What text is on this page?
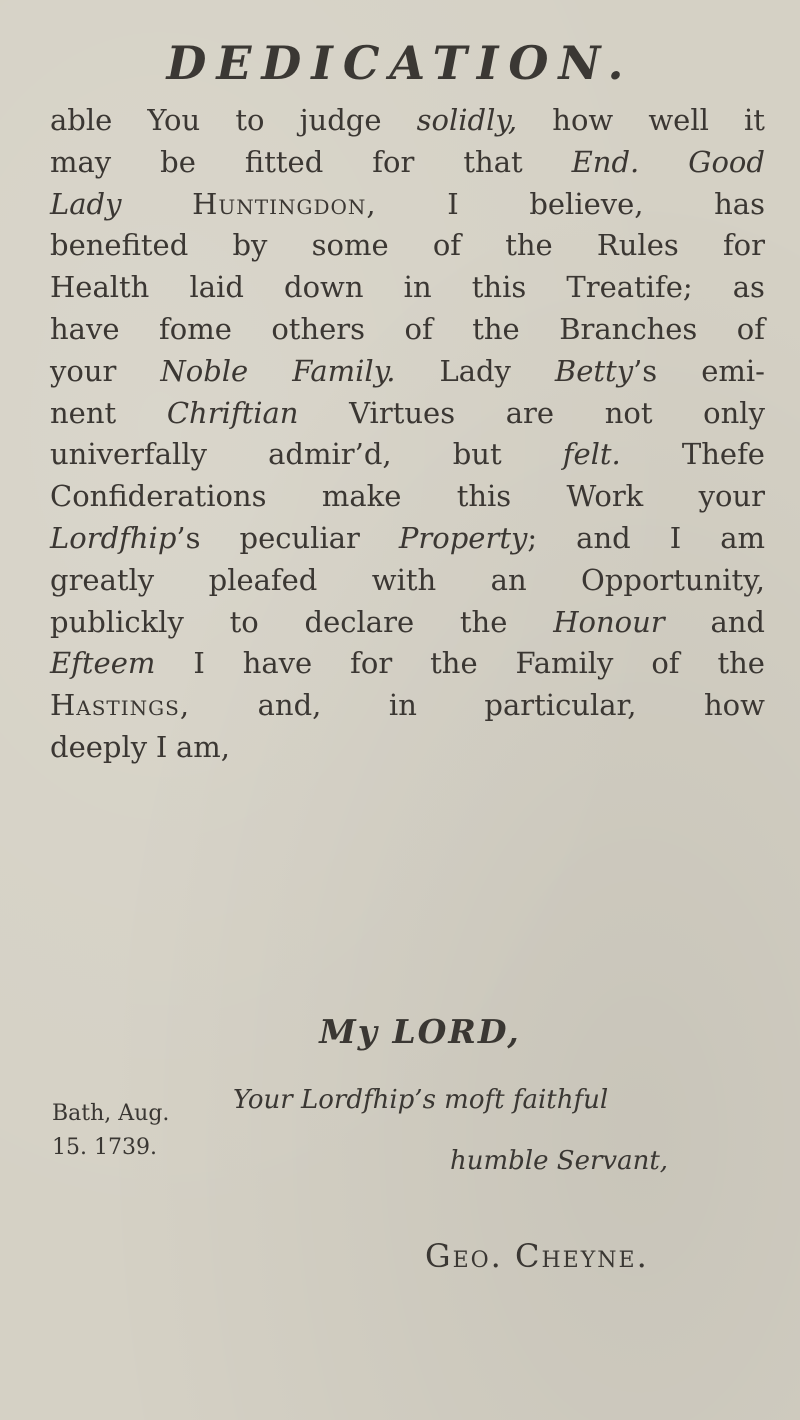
DEDICATION.
able You to judge solidly, how well it
may be fitted for that End. Good
Lady Huntingdon, I believe, has
benefited by some of the Rules for
Health laid down in this Treatife; as
have fome others of the Branches of
your Noble Family. Lady Betty’s emi-
nent Chriftian Virtues are not only
univerfally admir’d, but felt. Thefe
Confiderations make this Work your
Lordfhip’s peculiar Property; and I am
greatly pleafed with an Opportunity,
publickly to declare the Honour and
Efteem I have for the Family of the
Hastings, and, in particular, how
deeply I am,
My LORD,
Bath, Aug.
15. 1739.
Your Lordfhip’s moft faithful
humble Servant,
Geo. Cheyne.
